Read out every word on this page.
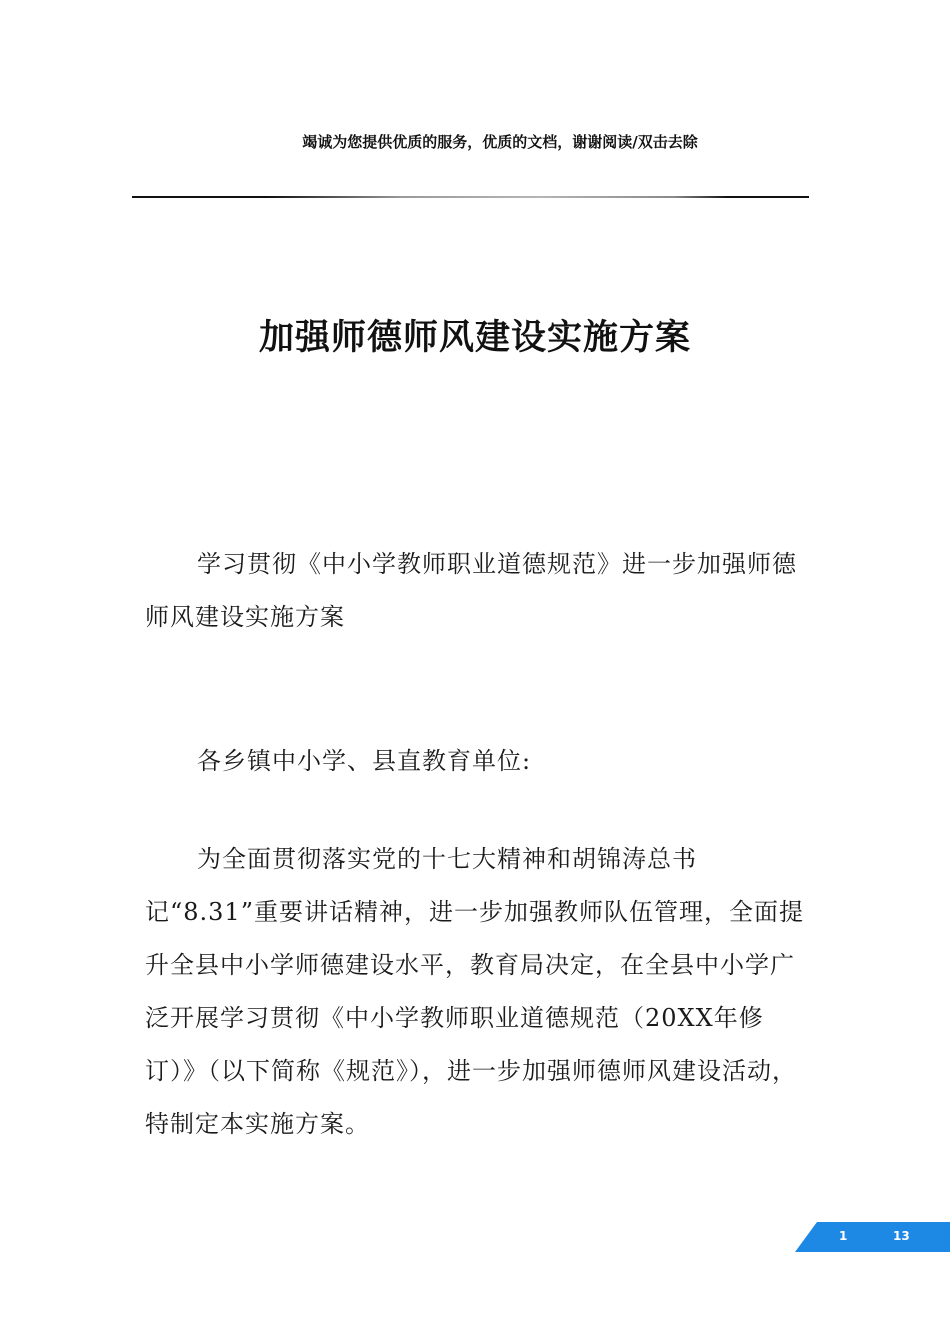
竭诚为您提供优质的服务，优质的文档，谢谢阅读/双击去除
加强师德师风建设实施方案

学习贯彻《中小学教师职业道德规范》进一步加强师德师风建设实施方案

各乡镇中小学、县直教育单位:

为全面贯彻落实党的十七大精神和胡锦涛总书记“8.31”重要讲话精神，进一步加强教师队伍管理，全面提升全县中小学师德建设水平，教育局决定，在全县中小学广泛开展学习贯彻《中小学教师职业道德规范（20XX年修订）》（以下简称《规范》），进一步加强师德师风建设活动，特制定本实施方案。

1	13
